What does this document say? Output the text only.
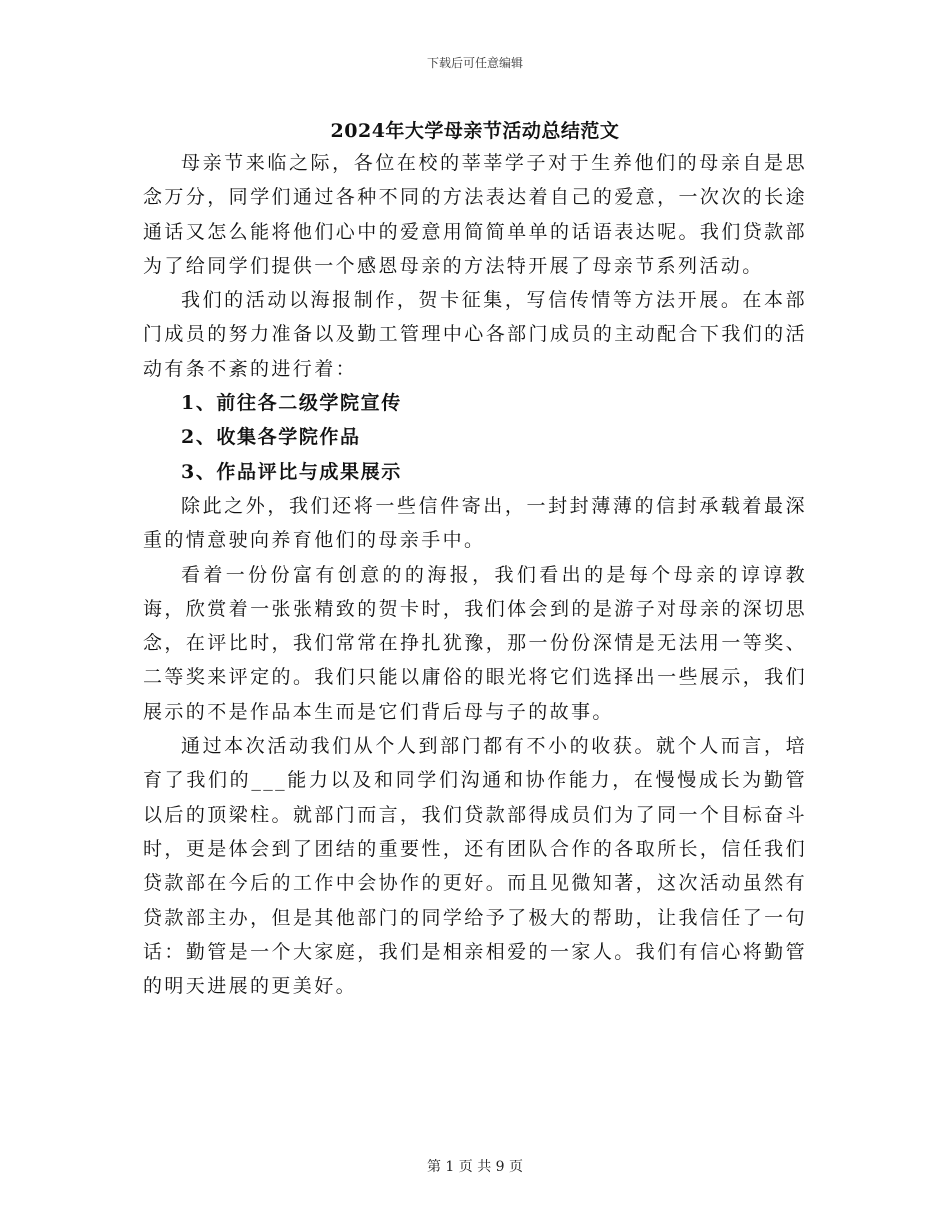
下载后可任意编辑
2024年大学母亲节活动总结范文

母亲节来临之际，各位在校的莘莘学子对于生养他们的母亲自是思念万分，同学们通过各种不同的方法表达着自己的爱意，一次次的长途通话又怎么能将他们心中的爱意用简简单单的话语表达呢。我们贷款部为了给同学们提供一个感恩母亲的方法特开展了母亲节系列活动。

我们的活动以海报制作，贺卡征集，写信传情等方法开展。在本部门成员的努力准备以及勤工管理中心各部门成员的主动配合下我们的活动有条不紊的进行着：

1、前往各二级学院宣传

2、收集各学院作品

3、作品评比与成果展示

除此之外，我们还将一些信件寄出，一封封薄薄的信封承载着最深重的情意驶向养育他们的母亲手中。

看着一份份富有创意的的海报，我们看出的是每个母亲的谆谆教诲，欣赏着一张张精致的贺卡时，我们体会到的是游子对母亲的深切思念，在评比时，我们常常在挣扎犹豫，那一份份深情是无法用一等奖、二等奖来评定的。我们只能以庸俗的眼光将它们选择出一些展示，我们展示的不是作品本生而是它们背后母与子的故事。

通过本次活动我们从个人到部门都有不小的收获。就个人而言，培育了我们的___能力以及和同学们沟通和协作能力，在慢慢成长为勤管以后的顶梁柱。就部门而言，我们贷款部得成员们为了同一个目标奋斗时，更是体会到了团结的重要性，还有团队合作的各取所长，信任我们贷款部在今后的工作中会协作的更好。而且见微知著，这次活动虽然有贷款部主办，但是其他部门的同学给予了极大的帮助，让我信任了一句话：勤管是一个大家庭，我们是相亲相爱的一家人。我们有信心将勤管的明天进展的更美好。

第 1 页 共 9 页
